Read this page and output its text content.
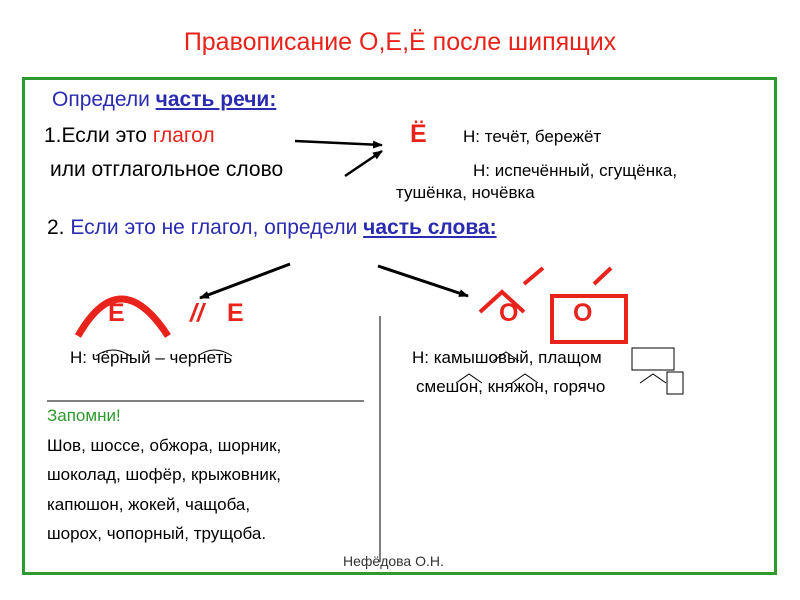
Правописание О,Е,Ё после шипящих
Определи часть речи:
1.Если это глагол	Ё Н: течёт, бережёт
или отглагольное слово	Н: испечённый, сгущёнка,
тушёнка, ночёвка
2. Если это не глагол, определи часть слова:
Е	// Е
Н: чёрный – чернеть
О О
Н: камышовый, плащом
смешон, княжон, горячо
Запомни!
Шов, шоссе, обжора, шорник,
шоколад, шофёр, крыжовник,
капюшон, жокей, чащоба,
шорох, чопорный, трущоба.
Нефёдова О.Н.
